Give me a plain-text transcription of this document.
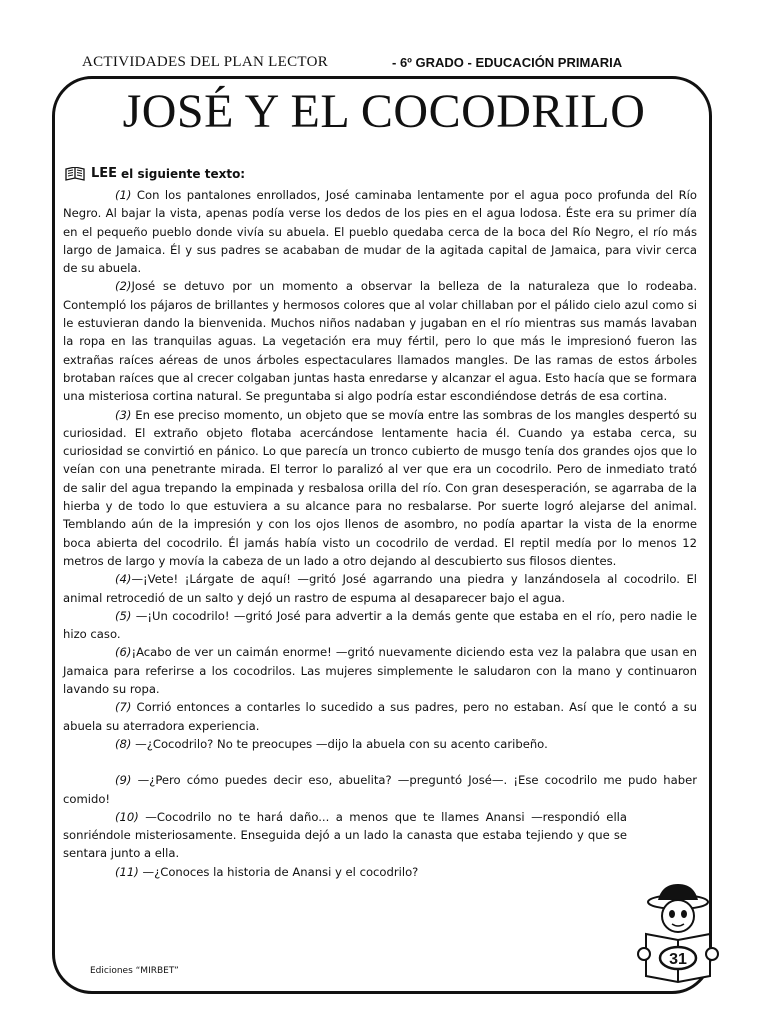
ACTIVIDADES DEL PLAN LECTOR	- 6º GRADO - EDUCACIÓN PRIMARIA
JOSÉ Y EL COCODRILO
LEE el siguiente texto:

(1) Con los pantalones enrollados, José caminaba lentamente por el agua poco profunda del Río Negro. Al bajar la vista, apenas podía verse los dedos de los pies en el agua lodosa. Éste era su primer día en el pequeño pueblo donde vivía su abuela. El pueblo quedaba cerca de la boca del Río Negro, el río más largo de Jamaica. Él y sus padres se acababan de mudar de la agitada capital de Jamaica, para vivir cerca de su abuela.

(2)José se detuvo por un momento a observar la belleza de la naturaleza que lo rodeaba. Contempló los pájaros de brillantes y hermosos colores que al volar chillaban por el pálido cielo azul como si le estuvieran dando la bienvenida. Muchos niños nadaban y jugaban en el río mientras sus mamás lavaban la ropa en las tranquilas aguas. La vegetación era muy fértil, pero lo que más le impresionó fueron las extrañas raíces aéreas de unos árboles espectaculares llamados mangles. De las ramas de estos árboles brotaban raíces que al crecer colgaban juntas hasta enredarse y alcanzar el agua. Esto hacía que se formara una misteriosa cortina natural. Se preguntaba si algo podría estar escondiéndose detrás de esa cortina.

(3) En ese preciso momento, un objeto que se movía entre las sombras de los mangles despertó su curiosidad. El extraño objeto flotaba acercándose lentamente hacia él. Cuando ya estaba cerca, su curiosidad se convirtió en pánico. Lo que parecía un tronco cubierto de musgo tenía dos grandes ojos que lo veían con una penetrante mirada. El terror lo paralizó al ver que era un cocodrilo. Pero de inmediato trató de salir del agua trepando la empinada y resbalosa orilla del río. Con gran desesperación, se agarraba de la hierba y de todo lo que estuviera a su alcance para no resbalarse. Por suerte logró alejarse del animal. Temblando aún de la impresión y con los ojos llenos de asombro, no podía apartar la vista de la enorme boca abierta del cocodrilo. Él jamás había visto un cocodrilo de verdad. El reptil medía por lo menos 12 metros de largo y movía la cabeza de un lado a otro dejando al descubierto sus filosos dientes.

(4)—¡Vete! ¡Lárgate de aquí! —gritó José agarrando una piedra y lanzándosela al cocodrilo. El animal retrocedió de un salto y dejó un rastro de espuma al desaparecer bajo el agua.

(5) —¡Un cocodrilo! —gritó José para advertir a la demás gente que estaba en el río, pero nadie le hizo caso.

(6)¡Acabo de ver un caimán enorme! —gritó nuevamente diciendo esta vez la palabra que usan en Jamaica para referirse a los cocodrilos. Las mujeres simplemente le saludaron con la mano y continuaron lavando su ropa.

(7) Corrió entonces a contarles lo sucedido a sus padres, pero no estaban. Así que le contó a su abuela su aterradora experiencia.

(8) —¿Cocodrilo? No te preocupes —dijo la abuela con su acento caribeño.

(9) —¿Pero cómo puedes decir eso, abuelita? —preguntó José—. ¡Ese cocodrilo me pudo haber comido!

(10) —Cocodrilo no te hará daño... a menos que te llames Anansi —respondió ella sonriéndole misteriosamente. Enseguida dejó a un lado la canasta que estaba tejiendo y que se sentara junto a ella.

(11) —¿Conoces la historia de Anansi y el cocodrilo?

Ediciones “MIRBET”
31
